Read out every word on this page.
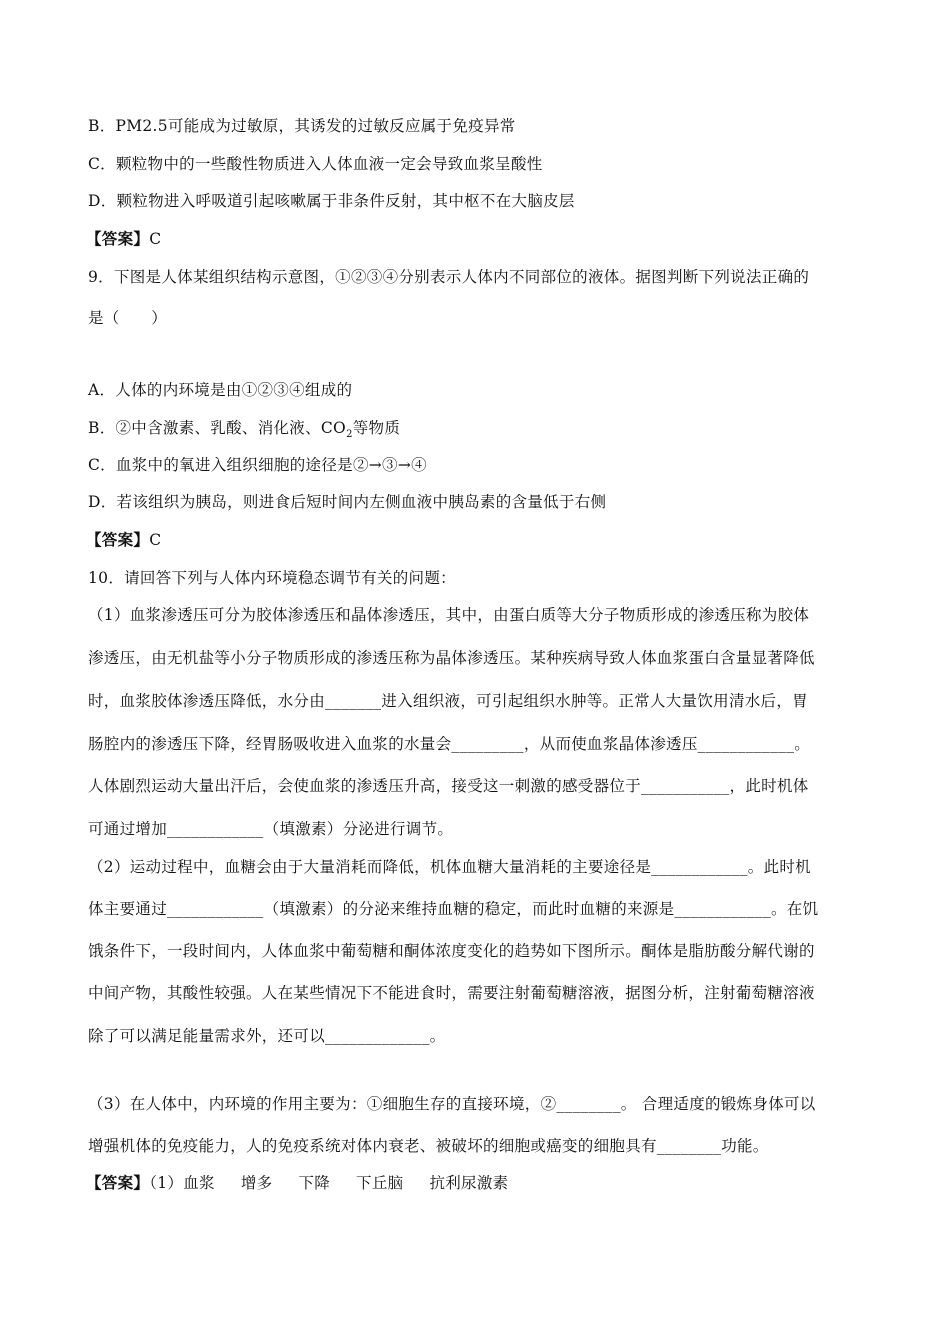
B．PM2.5可能成为过敏原，其诱发的过敏反应属于免疫异常
C．颗粒物中的一些酸性物质进入人体血液一定会导致血浆呈酸性
D．颗粒物进入呼吸道引起咳嗽属于非条件反射，其中枢不在大脑皮层
【答案】C
9．下图是人体某组织结构示意图，①②③④分别表示人体内不同部位的液体。据图判断下列说法正确的
是（　　）
A．人体的内环境是由①②③④组成的
B．②中含激素、乳酸、消化液、$CO_2$等物质
C．血浆中的氧进入组织细胞的途径是②→③→④
D．若该组织为胰岛，则进食后短时间内左侧血液中胰岛素的含量低于右侧
【答案】C
10．请回答下列与人体内环境稳态调节有关的问题：
（1）血浆渗透压可分为胶体渗透压和晶体渗透压，其中，由蛋白质等大分子物质形成的渗透压称为胶体
渗透压，由无机盐等小分子物质形成的渗透压称为晶体渗透压。某种疾病导致人体血浆蛋白含量显著降低
时，血浆胶体渗透压降低，水分由_______进入组织液，可引起组织水肿等。正常人大量饮用清水后，胃
肠腔内的渗透压下降，经胃肠吸收进入血浆的水量会_________，从而使血浆晶体渗透压____________。
人体剧烈运动大量出汗后，会使血浆的渗透压升高，接受这一刺激的感受器位于___________，此时机体
可通过增加____________（填激素）分泌进行调节。
（2）运动过程中，血糖会由于大量消耗而降低，机体血糖大量消耗的主要途径是____________。此时机
体主要通过____________（填激素）的分泌来维持血糖的稳定，而此时血糖的来源是____________。在饥
饿条件下，一段时间内，人体血浆中葡萄糖和酮体浓度变化的趋势如下图所示。酮体是脂肪酸分解代谢的
中间产物，其酸性较强。人在某些情况下不能进食时，需要注射葡萄糖溶液，据图分析，注射葡萄糖溶液
除了可以满足能量需求外，还可以_____________。
（3）在人体中，内环境的作用主要为：①细胞生存的直接环境，②________。 合理适度的锻炼身体可以
增强机体的免疫能力，人的免疫系统对体内衰老、被破坏的细胞或癌变的细胞具有________功能。
【答案】（1）血浆 增多 下降 下丘脑 抗利尿激素
